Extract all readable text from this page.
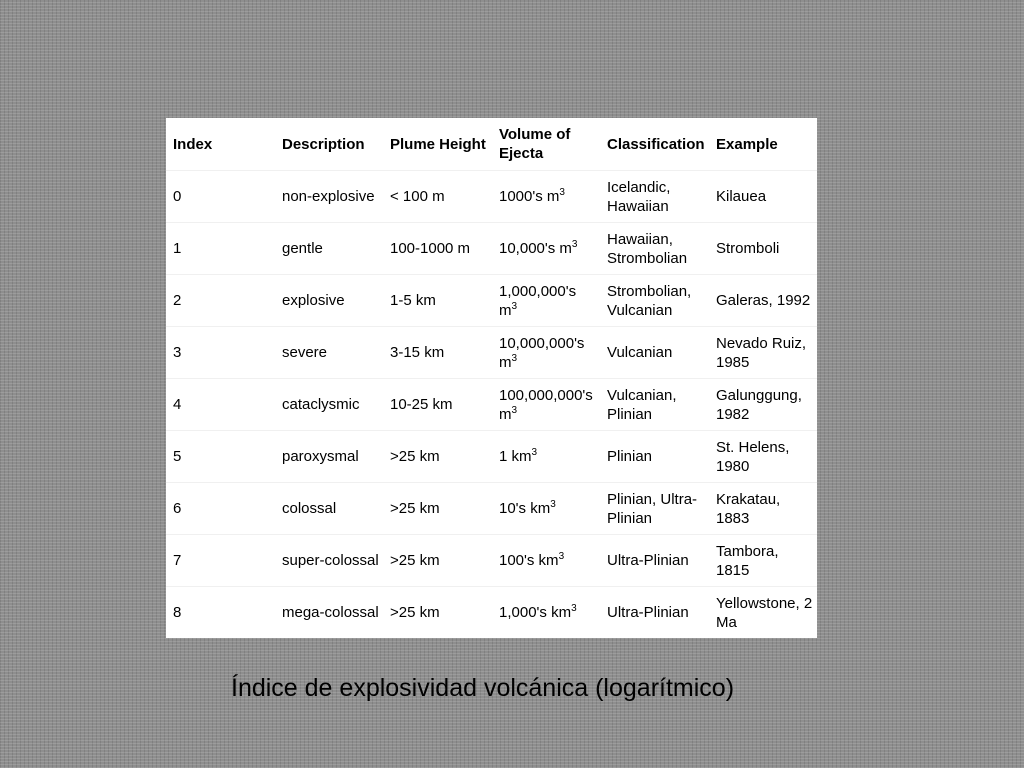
Index	Description	Plume Height	Volume of Ejecta	Classification	Example
0	non-explosive	< 100 m	1000's $m^3$	Icelandic, Hawaiian	Kilauea
1	gentle	100-1000 m	10,000's $m^3$	Hawaiian, Strombolian	Stromboli
2	explosive	1-5 km	1,000,000's $m^3$	Strombolian, Vulcanian	Galeras, 1992
3	severe	3-15 km	10,000,000's $m^3$	Vulcanian	Nevado Ruiz, 1985
4	cataclysmic	10-25 km	100,000,000's $m^3$	Vulcanian, Plinian	Galunggung, 1982
5	paroxysmal	>25 km	1 $km^3$	Plinian	St. Helens, 1980
6	colossal	>25 km	10's $km^3$	Plinian, Ultra-Plinian	Krakatau, 1883
7	super-colossal	>25 km	100's $km^3$	Ultra-Plinian	Tambora, 1815
8	mega-colossal	>25 km	1,000's $km^3$	Ultra-Plinian	Yellowstone, 2 Ma
Índice de explosividad volcánica (logarítmico)
